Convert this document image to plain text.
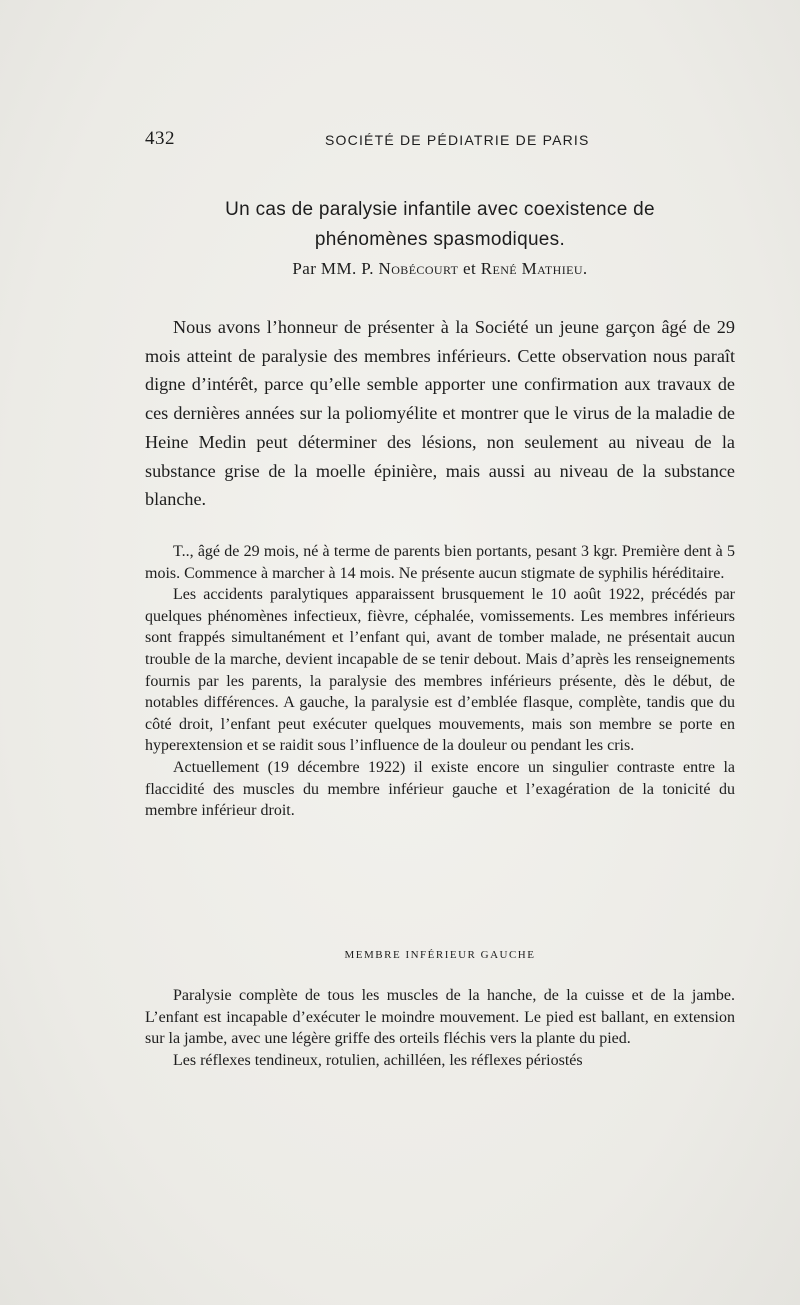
432	SOCIÉTÉ DE PÉDIATRIE DE PARIS
Un cas de paralysie infantile avec coexistence de
phénomènes spasmodiques.
Par MM. P. Nobécourt et René Mathieu.

Nous avons l’honneur de présenter à la Société un jeune garçon âgé de 29 mois atteint de paralysie des membres inférieurs. Cette observation nous paraît digne d’intérêt, parce qu’elle semble apporter une confirmation aux travaux de ces dernières années sur la poliomyélite et montrer que le virus de la maladie de Heine Medin peut déterminer des lésions, non seulement au niveau de la substance grise de la moelle épinière, mais aussi au niveau de la substance blanche.

T.., âgé de 29 mois, né à terme de parents bien portants, pesant 3 kgr. Première dent à 5 mois. Commence à marcher à 14 mois. Ne présente aucun stigmate de syphilis héréditaire.

Les accidents paralytiques apparaissent brusquement le 10 août 1922, précédés par quelques phénomènes infectieux, fièvre, céphalée, vomissements. Les membres inférieurs sont frappés simultanément et l’enfant qui, avant de tomber malade, ne présentait aucun trouble de la marche, devient incapable de se tenir debout. Mais d’après les renseignements fournis par les parents, la paralysie des membres inférieurs présente, dès le début, de notables différences. A gauche, la paralysie est d’emblée flasque, complète, tandis que du côté droit, l’enfant peut exécuter quelques mouvements, mais son membre se porte en hyperextension et se raidit sous l’influence de la douleur ou pendant les cris.

Actuellement (19 décembre 1922) il existe encore un singulier contraste entre la flaccidité des muscles du membre inférieur gauche et l’exagération de la tonicité du membre inférieur droit.

MEMBRE INFÉRIEUR GAUCHE

Paralysie complète de tous les muscles de la hanche, de la cuisse et de la jambe. L’enfant est incapable d’exécuter le moindre mouvement. Le pied est ballant, en extension sur la jambe, avec une légère griffe des orteils fléchis vers la plante du pied.

Les réflexes tendineux, rotulien, achilléen, les réflexes périostés
